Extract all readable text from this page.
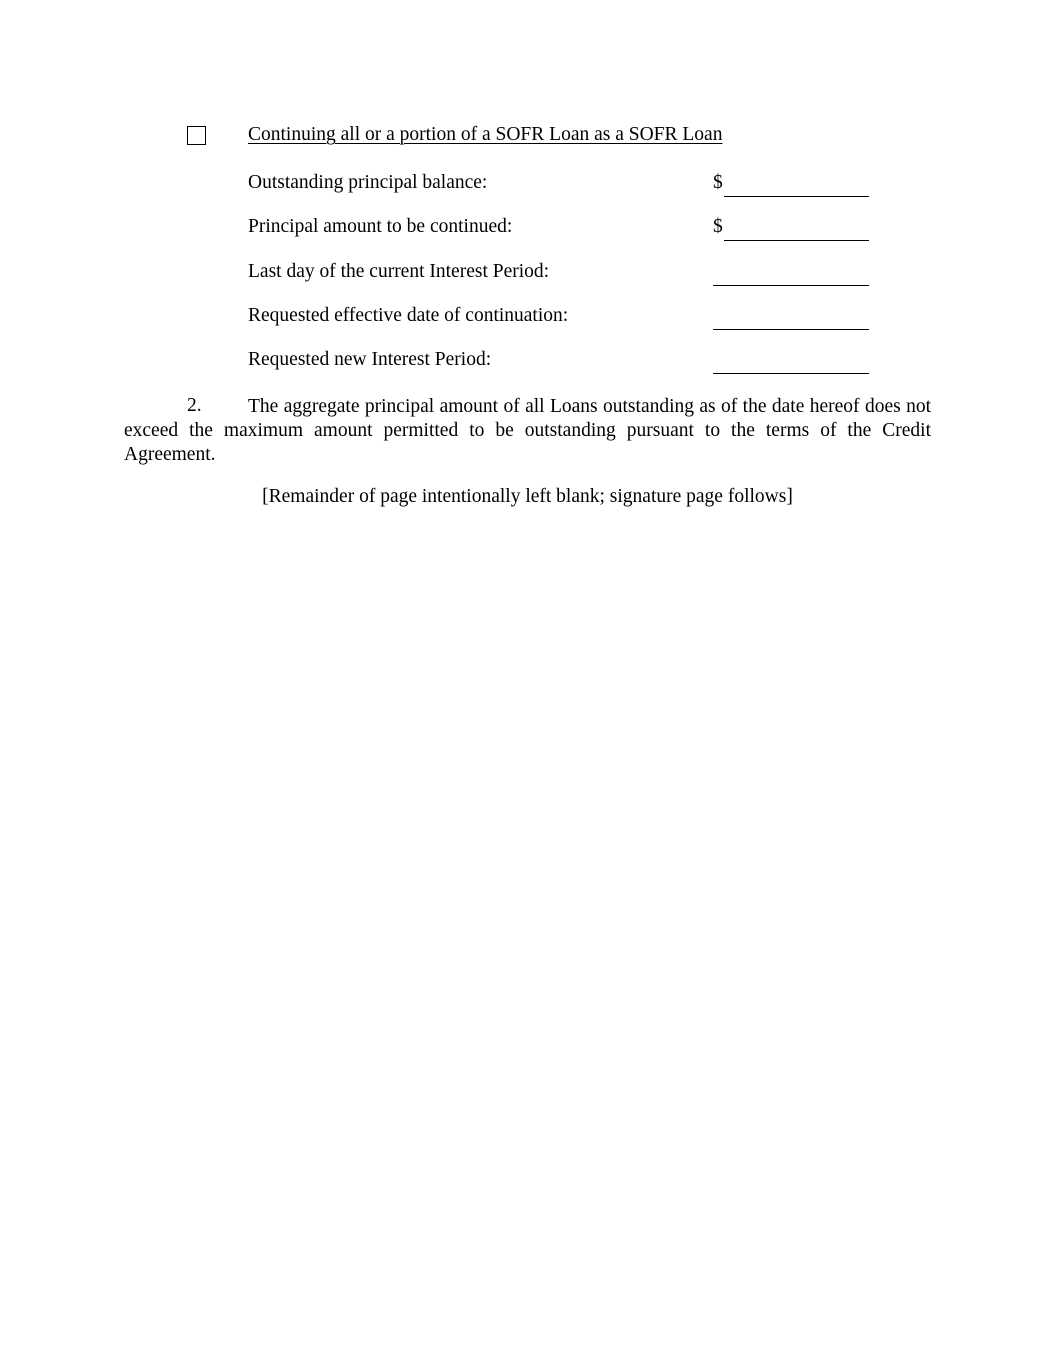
Continuing all or a portion of a SOFR Loan as a SOFR Loan
Outstanding principal balance:	$
Principal amount to be continued:	$
Last day of the current Interest Period:
Requested effective date of continuation:
Requested new Interest Period:
2.	The aggregate principal amount of all Loans outstanding as of the date hereof does not exceed the maximum amount permitted to be outstanding pursuant to the terms of the Credit Agreement.
[Remainder of page intentionally left blank; signature page follows]
